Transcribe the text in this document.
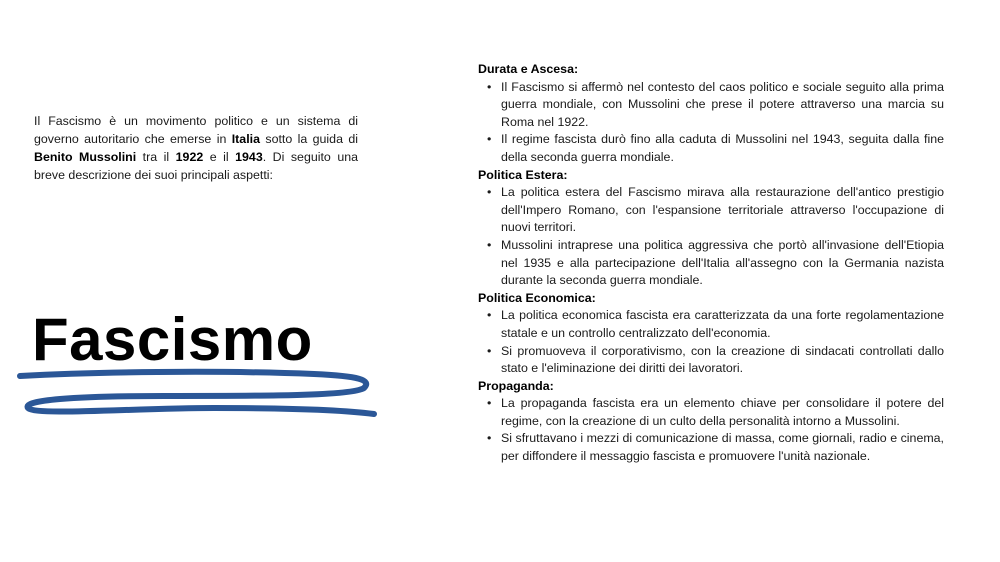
Il Fascismo è un movimento politico e un sistema di governo autoritario che emerse in Italia sotto la guida di Benito Mussolini tra il 1922 e il 1943. Di seguito una breve descrizione dei suoi principali aspetti:
Fascismo
Durata e Ascesa:
• Il Fascismo si affermò nel contesto del caos politico e sociale seguito alla prima guerra mondiale, con Mussolini che prese il potere attraverso una marcia su Roma nel 1922.
• Il regime fascista durò fino alla caduta di Mussolini nel 1943, seguita dalla fine della seconda guerra mondiale.
Politica Estera:
• La politica estera del Fascismo mirava alla restaurazione dell'antico prestigio dell'Impero Romano, con l'espansione territoriale attraverso l'occupazione di nuovi territori.
• Mussolini intraprese una politica aggressiva che portò all'invasione dell'Etiopia nel 1935 e alla partecipazione dell'Italia all'assegno con la Germania nazista durante la seconda guerra mondiale.
Politica Economica:
• La politica economica fascista era caratterizzata da una forte regolamentazione statale e un controllo centralizzato dell'economia.
• Si promuoveva il corporativismo, con la creazione di sindacati controllati dallo stato e l'eliminazione dei diritti dei lavoratori.
Propaganda:
• La propaganda fascista era un elemento chiave per consolidare il potere del regime, con la creazione di un culto della personalità intorno a Mussolini.
• Si sfruttavano i mezzi di comunicazione di massa, come giornali, radio e cinema, per diffondere il messaggio fascista e promuovere l'unità nazionale.
